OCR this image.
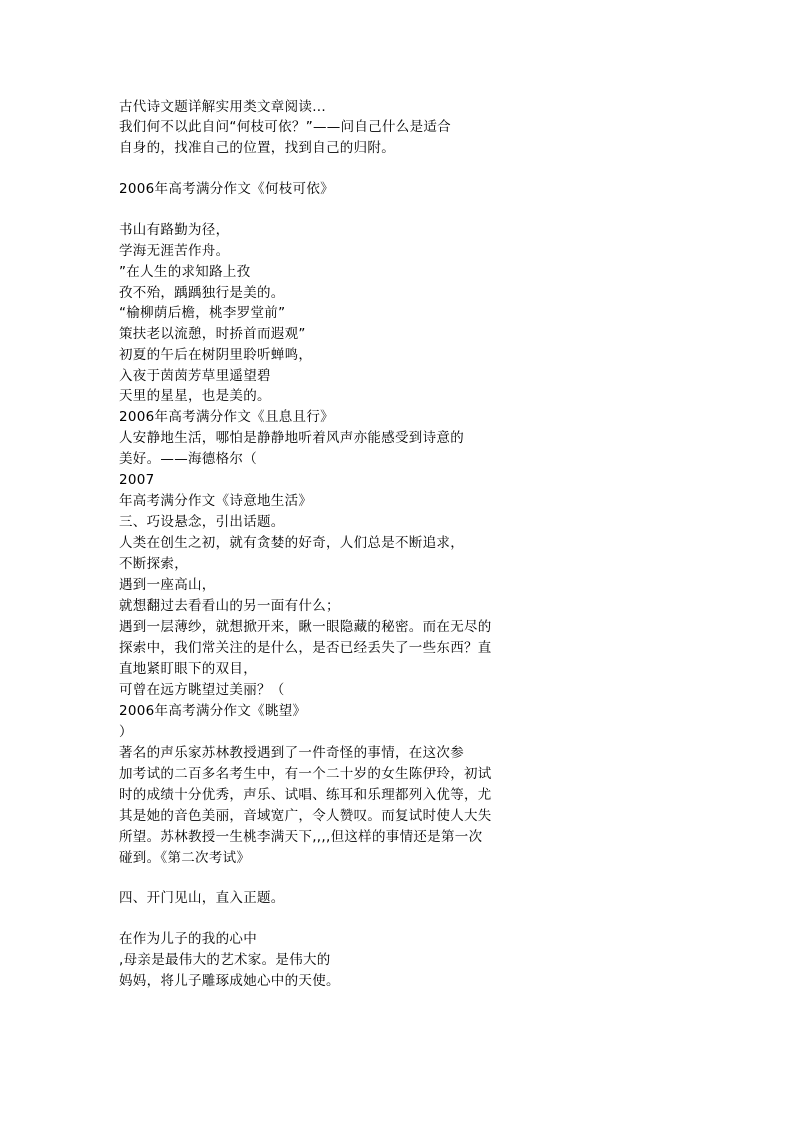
古代诗文题详解实用类文章阅读...
我们何不以此自问“何枝可依？”——问自己什么是适合
自身的，找准自己的位置，找到自己的归附。
2006年高考满分作文《何枝可依》
书山有路勤为径，
学海无涯苦作舟。
”在人生的求知路上孜
孜不殆，踽踽独行是美的。
“榆柳荫后檐，桃李罗堂前”
策扶老以流憩，时挢首而遐观”
初夏的午后在树阴里聆听蝉鸣，
入夜于茵茵芳草里遥望碧
天里的星星，也是美的。
2006年高考满分作文《且息且行》
人安静地生活，哪怕是静静地听着风声亦能感受到诗意的
美好。——海德格尔（
2007
年高考满分作文《诗意地生活》
三、巧设悬念，引出话题。
人类在创生之初，就有贪婪的好奇，人们总是不断追求，
不断探索，
遇到一座高山，
就想翻过去看看山的另一面有什么；
遇到一层薄纱，就想掀开来，瞅一眼隐藏的秘密。而在无尽的
探索中，我们常关注的是什么，是否已经丢失了一些东西？直
直地紧盯眼下的双目，
可曾在远方眺望过美丽？（
2006年高考满分作文《眺望》
）
著名的声乐家苏林教授遇到了一件奇怪的事情，在这次参
加考试的二百多名考生中，有一个二十岁的女生陈伊玲，初试
时的成绩十分优秀，声乐、试唱、练耳和乐理都列入优等，尤
其是她的音色美丽，音域宽广，令人赞叹。而复试时使人大失
所望。苏林教授一生桃李满天下,,,,但这样的事情还是第一次
碰到。《第二次考试》
四、开门见山，直入正题。
在作为儿子的我的心中
,母亲是最伟大的艺术家。是伟大的
妈妈，将儿子雕琢成她心中的天使。
